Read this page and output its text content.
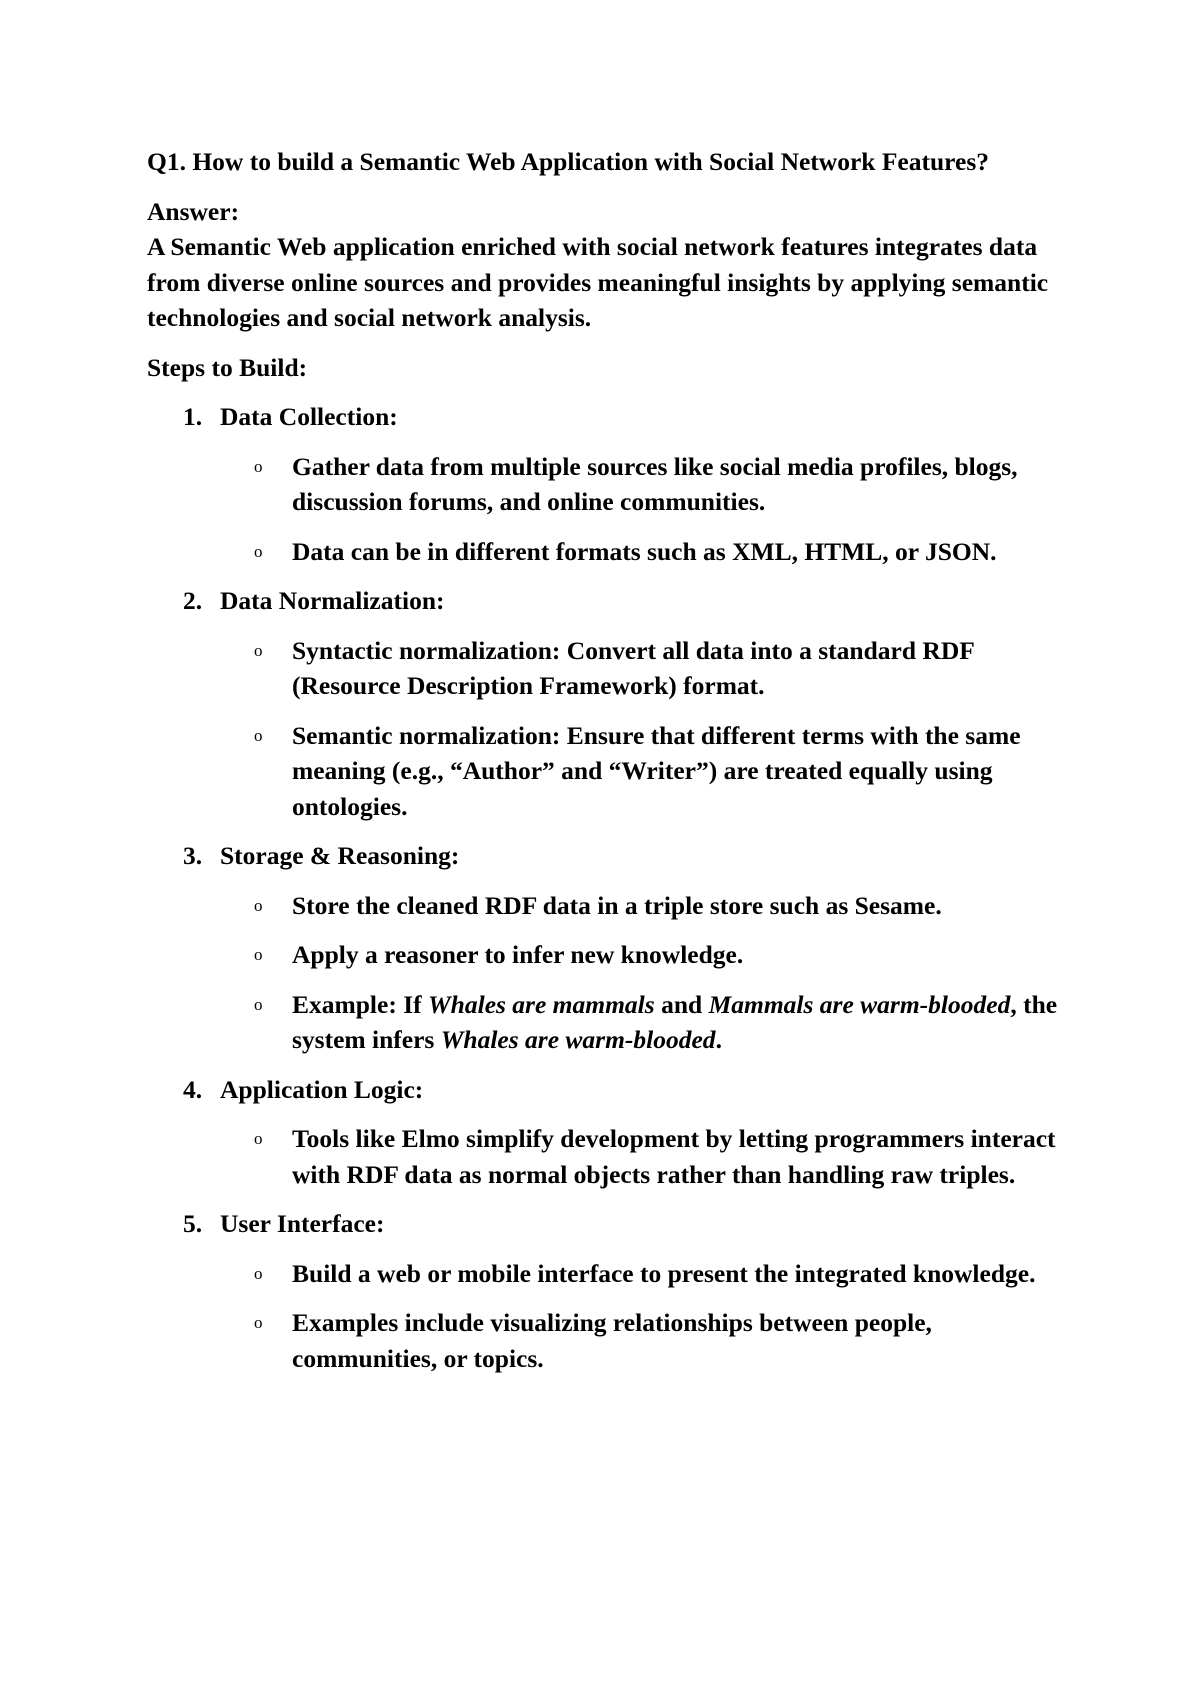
Q1. How to build a Semantic Web Application with Social Network Features?

Answer:

A Semantic Web application enriched with social network features integrates data from diverse online sources and provides meaningful insights by applying semantic technologies and social network analysis.

Steps to Build:

1. Data Collection:
o Gather data from multiple sources like social media profiles, blogs, discussion forums, and online communities.
o Data can be in different formats such as XML, HTML, or JSON.
2. Data Normalization:
o Syntactic normalization: Convert all data into a standard RDF (Resource Description Framework) format.
o Semantic normalization: Ensure that different terms with the same meaning (e.g., “Author” and “Writer”) are treated equally using ontologies.
3. Storage & Reasoning:
o Store the cleaned RDF data in a triple store such as Sesame.
o Apply a reasoner to infer new knowledge.
o Example: If Whales are mammals and Mammals are warm-blooded, the system infers Whales are warm-blooded.
4. Application Logic:
o Tools like Elmo simplify development by letting programmers interact with RDF data as normal objects rather than handling raw triples.
5. User Interface:
o Build a web or mobile interface to present the integrated knowledge.
o Examples include visualizing relationships between people, communities, or topics.
